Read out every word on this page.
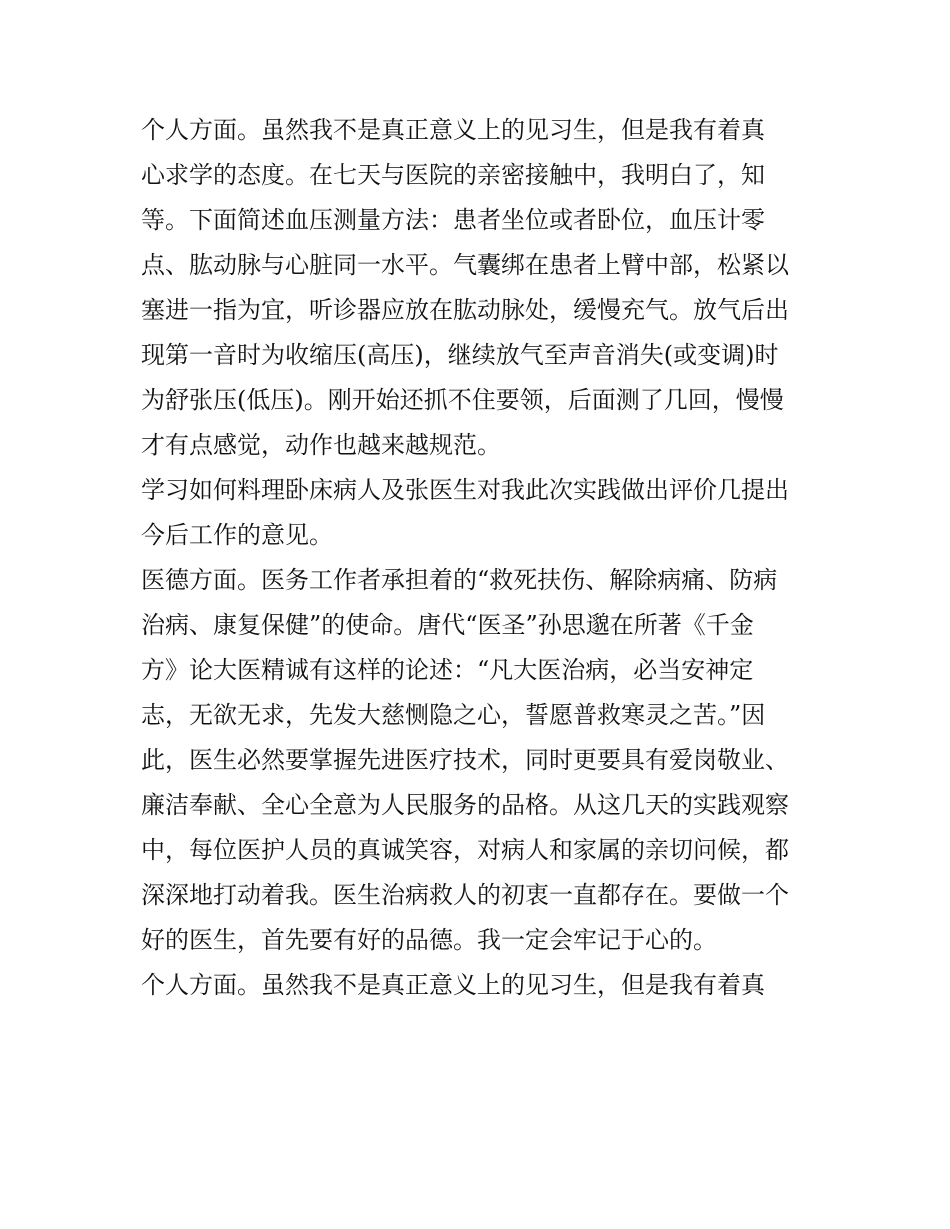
个人方面。虽然我不是真正意义上的见习生，但是我有着真
心求学的态度。在七天与医院的亲密接触中，我明白了，知
等。下面简述血压测量方法：患者坐位或者卧位，血压计零
点、肱动脉与心脏同一水平。气囊绑在患者上臂中部，松紧以
塞进一指为宜，听诊器应放在肱动脉处，缓慢充气。放气后出
现第一音时为收缩压(高压)，继续放气至声音消失(或变调)时
为舒张压(低压)。刚开始还抓不住要领，后面测了几回，慢慢
才有点感觉，动作也越来越规范。
学习如何料理卧床病人及张医生对我此次实践做出评价几提出
今后工作的意见。
医德方面。医务工作者承担着的“救死扶伤、解除病痛、防病
治病、康复保健”的使命。唐代“医圣”孙思邈在所著《千金
方》论大医精诚有这样的论述：“凡大医治病，必当安神定
志，无欲无求，先发大慈恻隐之心，誓愿普救寒灵之苦。”因
此，医生必然要掌握先进医疗技术，同时更要具有爱岗敬业、
廉洁奉献、全心全意为人民服务的品格。从这几天的实践观察
中，每位医护人员的真诚笑容，对病人和家属的亲切问候，都
深深地打动着我。医生治病救人的初衷一直都存在。要做一个
好的医生，首先要有好的品德。我一定会牢记于心的。
个人方面。虽然我不是真正意义上的见习生，但是我有着真
